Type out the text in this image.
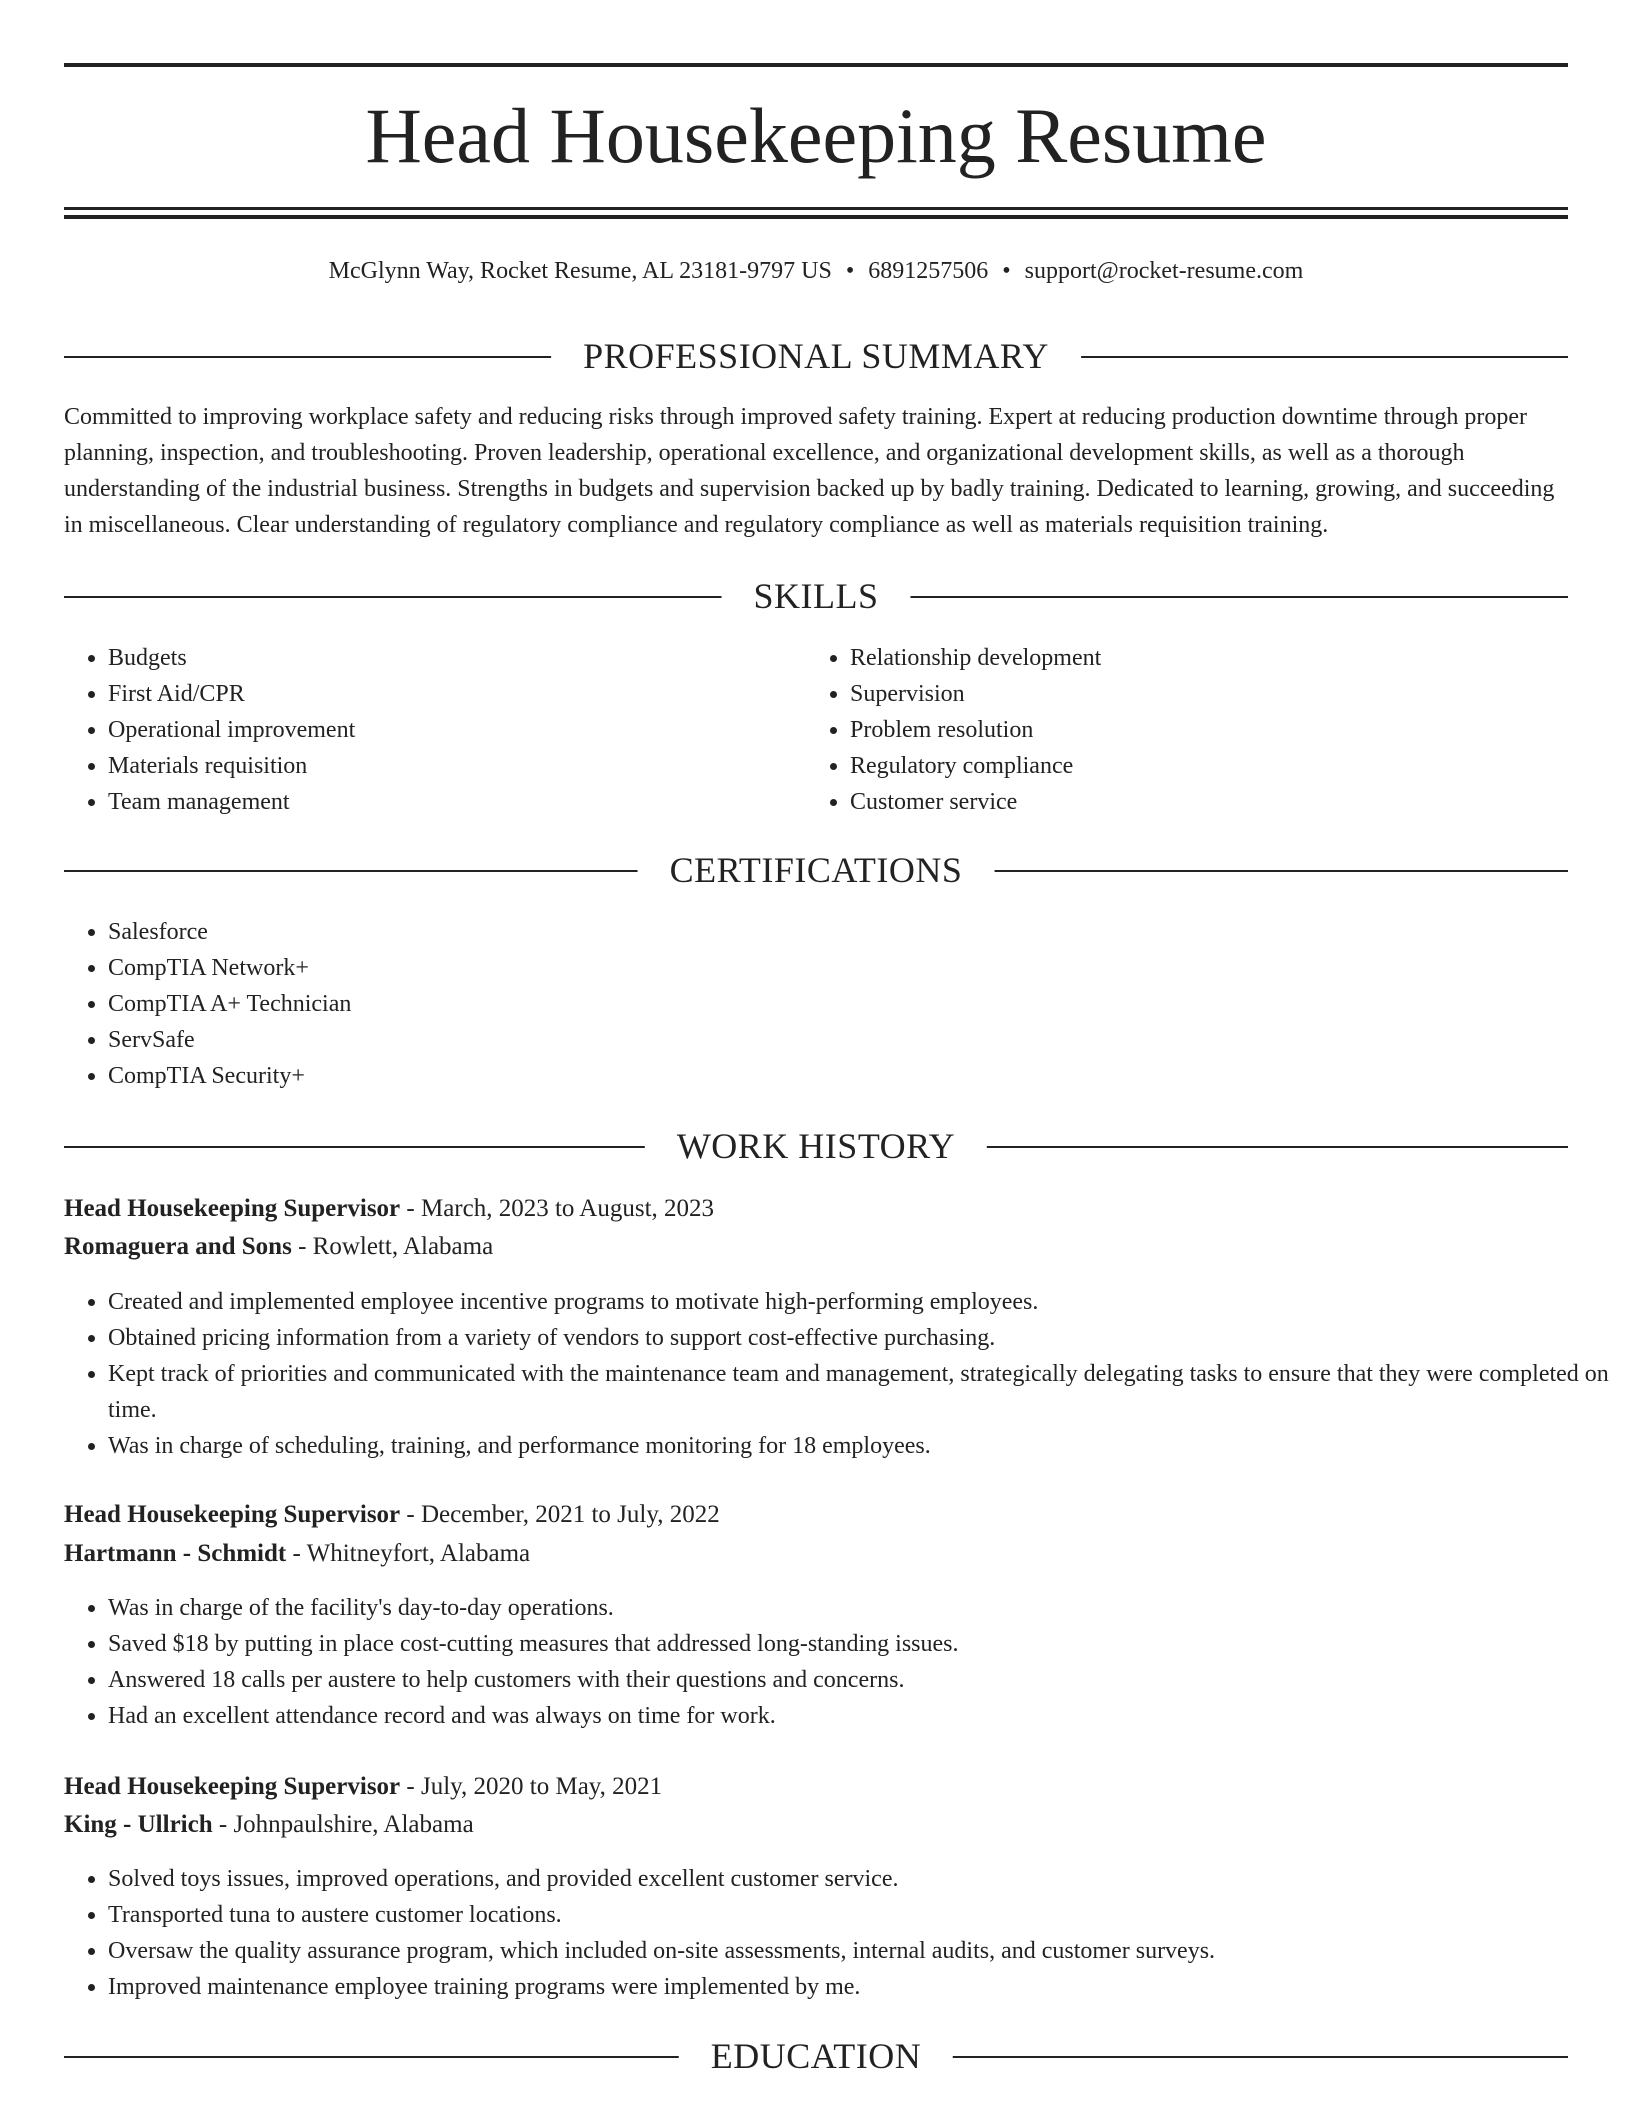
Head Housekeeping Resume
McGlynn Way, Rocket Resume, AL 23181-9797 US • 6891257506 • support@rocket-resume.com
PROFESSIONAL SUMMARY

Committed to improving workplace safety and reducing risks through improved safety training. Expert at reducing production downtime through proper planning, inspection, and troubleshooting. Proven leadership, operational excellence, and organizational development skills, as well as a thorough understanding of the industrial business. Strengths in budgets and supervision backed up by badly training. Dedicated to learning, growing, and succeeding in miscellaneous. Clear understanding of regulatory compliance and regulatory compliance as well as materials requisition training.

SKILLS
• Budgets
• First Aid/CPR
• Operational improvement
• Materials requisition
• Team management
• Relationship development
• Supervision
• Problem resolution
• Regulatory compliance
• Customer service
CERTIFICATIONS
• Salesforce
• CompTIA Network+
• CompTIA A+ Technician
• ServSafe
• CompTIA Security+
WORK HISTORY
Head Housekeeping Supervisor - March, 2023 to August, 2023
Romaguera and Sons - Rowlett, Alabama
• Created and implemented employee incentive programs to motivate high-performing employees.
• Obtained pricing information from a variety of vendors to support cost-effective purchasing.
• Kept track of priorities and communicated with the maintenance team and management, strategically delegating tasks to ensure that they were completed on time.
• Was in charge of scheduling, training, and performance monitoring for 18 employees.
Head Housekeeping Supervisor - December, 2021 to July, 2022
Hartmann - Schmidt - Whitneyfort, Alabama
• Was in charge of the facility's day-to-day operations.
• Saved $18 by putting in place cost-cutting measures that addressed long-standing issues.
• Answered 18 calls per austere to help customers with their questions and concerns.
• Had an excellent attendance record and was always on time for work.
Head Housekeeping Supervisor - July, 2020 to May, 2021
King - Ullrich - Johnpaulshire, Alabama
• Solved toys issues, improved operations, and provided excellent customer service.
• Transported tuna to austere customer locations.
• Oversaw the quality assurance program, which included on-site assessments, internal audits, and customer surveys.
• Improved maintenance employee training programs were implemented by me.
EDUCATION
